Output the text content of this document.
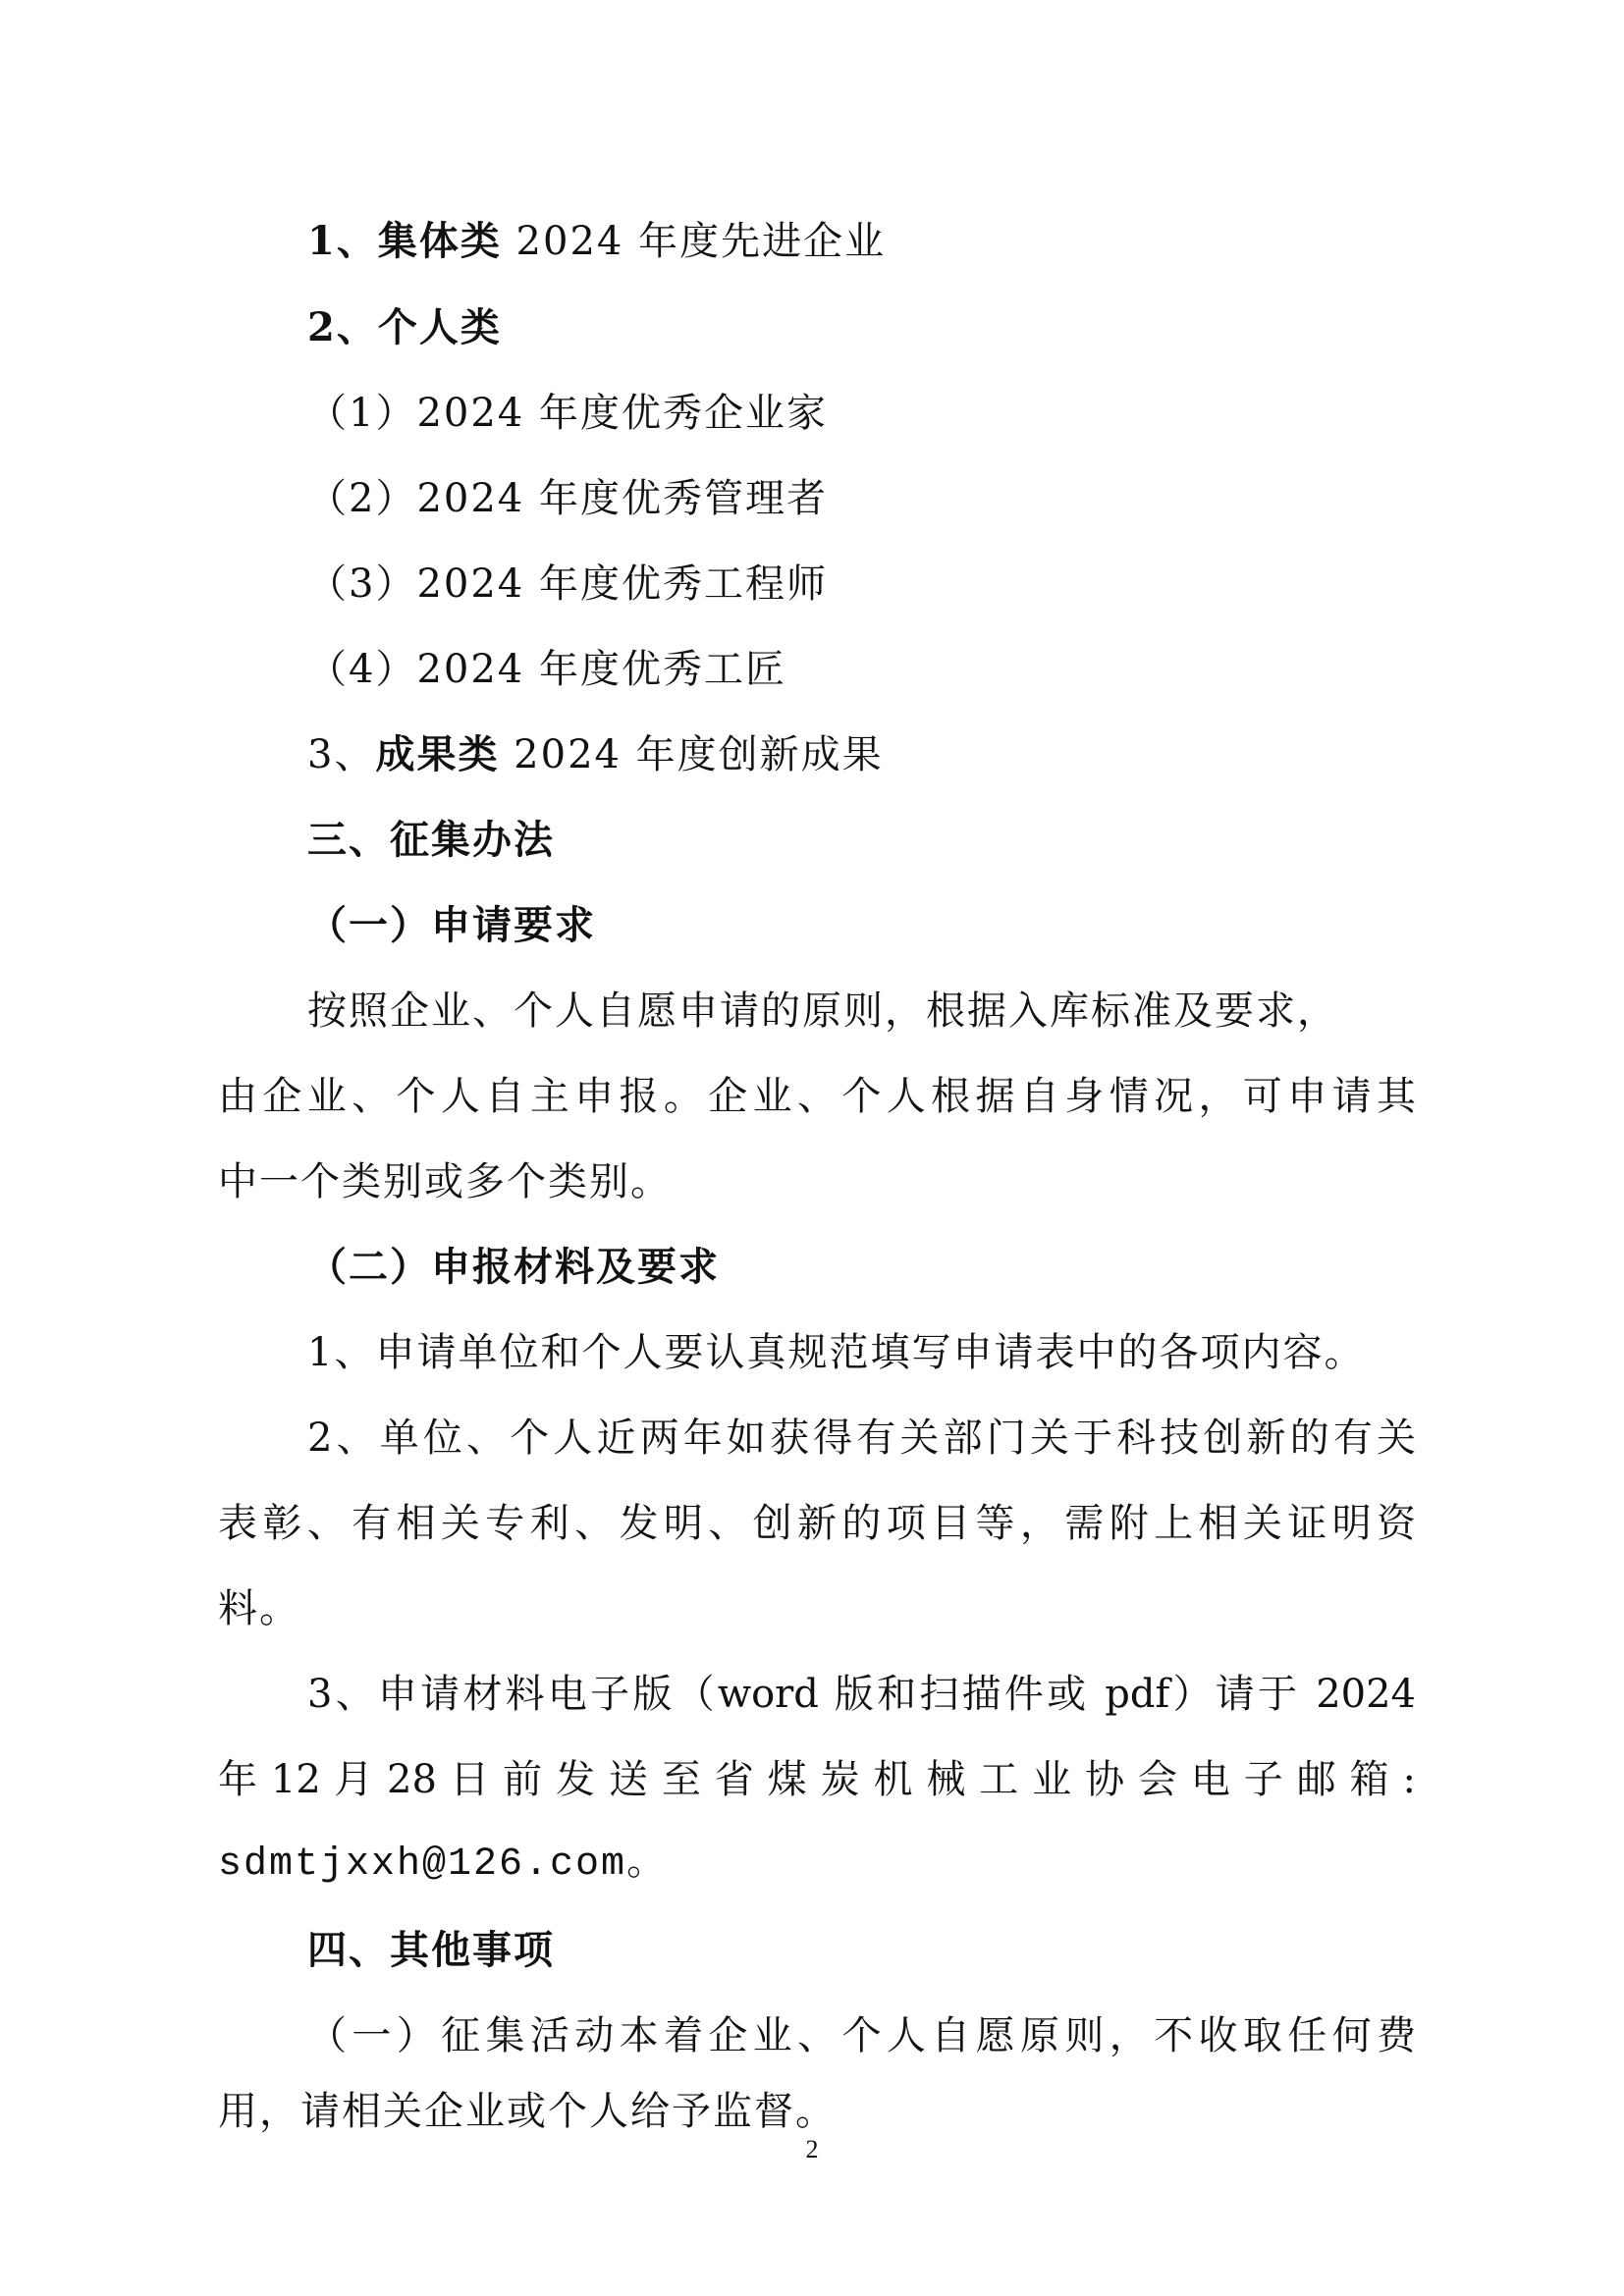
1、集体类 2024 年度先进企业

2、个人类

（1）2024 年度优秀企业家

（2）2024 年度优秀管理者

（3）2024 年度优秀工程师

（4）2024 年度优秀工匠

3、成果类 2024 年度创新成果

三、征集办法

（一）申请要求

按照企业、个人自愿申请的原则，根据入库标准及要求，

由企业、个人自主申报。企业、个人根据自身情况，可申请其

中一个类别或多个类别。

（二）申报材料及要求

1、申请单位和个人要认真规范填写申请表中的各项内容。

2、单位、个人近两年如获得有关部门关于科技创新的有关

表彰、有相关专利、发明、创新的项目等，需附上相关证明资

料。

3、申请材料电子版（word 版和扫描件或 pdf）请于 2024

年 12 月 28 日 前 发 送 至 省 煤 炭 机 械 工 业 协 会 电 子 邮 箱 :

sdmtjxxh@126.com。

四、其他事项

（一）征集活动本着企业、个人自愿原则，不收取任何费

用，请相关企业或个人给予监督。

2
